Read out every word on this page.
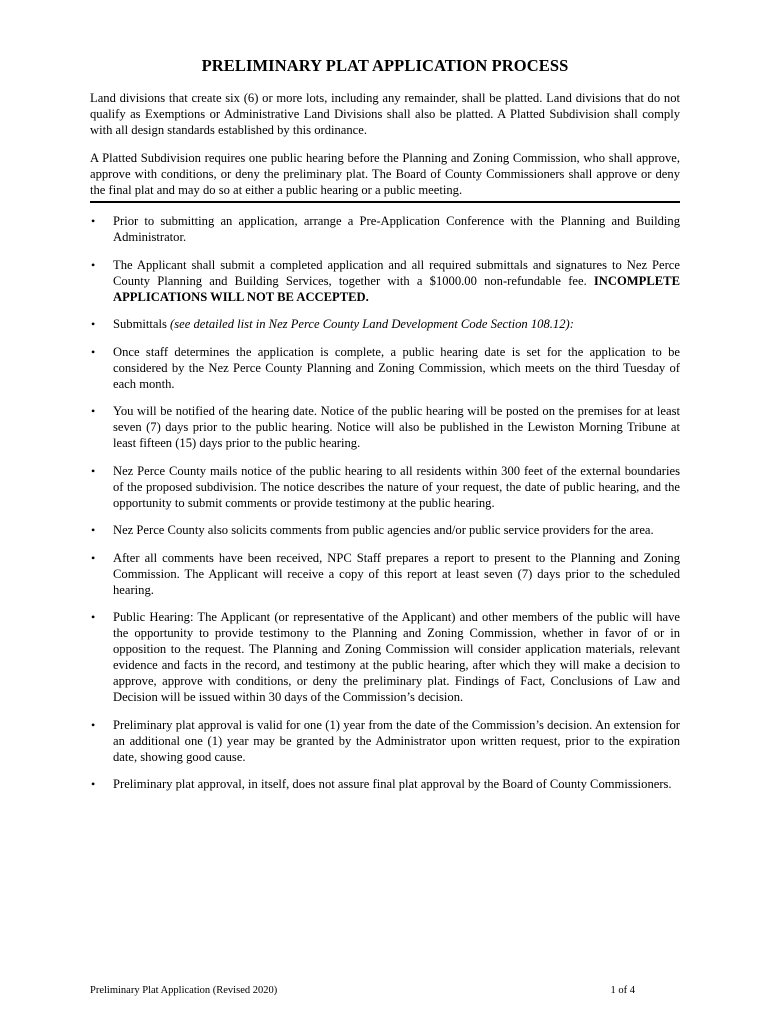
PRELIMINARY PLAT APPLICATION PROCESS

Land divisions that create six (6) or more lots, including any remainder, shall be platted. Land divisions that do not qualify as Exemptions or Administrative Land Divisions shall also be platted. A Platted Subdivision shall comply with all design standards established by this ordinance.

A Platted Subdivision requires one public hearing before the Planning and Zoning Commission, who shall approve, approve with conditions, or deny the preliminary plat. The Board of County Commissioners shall approve or deny the final plat and may do so at either a public hearing or a public meeting.

• Prior to submitting an application, arrange a Pre-Application Conference with the Planning and Building Administrator.
• The Applicant shall submit a completed application and all required submittals and signatures to Nez Perce County Planning and Building Services, together with a $1000.00 non-refundable fee. INCOMPLETE APPLICATIONS WILL NOT BE ACCEPTED.
• Submittals (see detailed list in Nez Perce County Land Development Code Section 108.12):
• Once staff determines the application is complete, a public hearing date is set for the application to be considered by the Nez Perce County Planning and Zoning Commission, which meets on the third Tuesday of each month.
• You will be notified of the hearing date. Notice of the public hearing will be posted on the premises for at least seven (7) days prior to the public hearing. Notice will also be published in the Lewiston Morning Tribune at least fifteen (15) days prior to the public hearing.
• Nez Perce County mails notice of the public hearing to all residents within 300 feet of the external boundaries of the proposed subdivision. The notice describes the nature of your request, the date of public hearing, and the opportunity to submit comments or provide testimony at the public hearing.
• Nez Perce County also solicits comments from public agencies and/or public service providers for the area.
• After all comments have been received, NPC Staff prepares a report to present to the Planning and Zoning Commission. The Applicant will receive a copy of this report at least seven (7) days prior to the scheduled hearing.
• Public Hearing: The Applicant (or representative of the Applicant) and other members of the public will have the opportunity to provide testimony to the Planning and Zoning Commission, whether in favor of or in opposition to the request. The Planning and Zoning Commission will consider application materials, relevant evidence and facts in the record, and testimony at the public hearing, after which they will make a decision to approve, approve with conditions, or deny the preliminary plat. Findings of Fact, Conclusions of Law and Decision will be issued within 30 days of the Commission’s decision.
• Preliminary plat approval is valid for one (1) year from the date of the Commission’s decision. An extension for an additional one (1) year may be granted by the Administrator upon written request, prior to the expiration date, showing good cause.
• Preliminary plat approval, in itself, does not assure final plat approval by the Board of County Commissioners.
Preliminary Plat Application (Revised 2020)	1 of 4
